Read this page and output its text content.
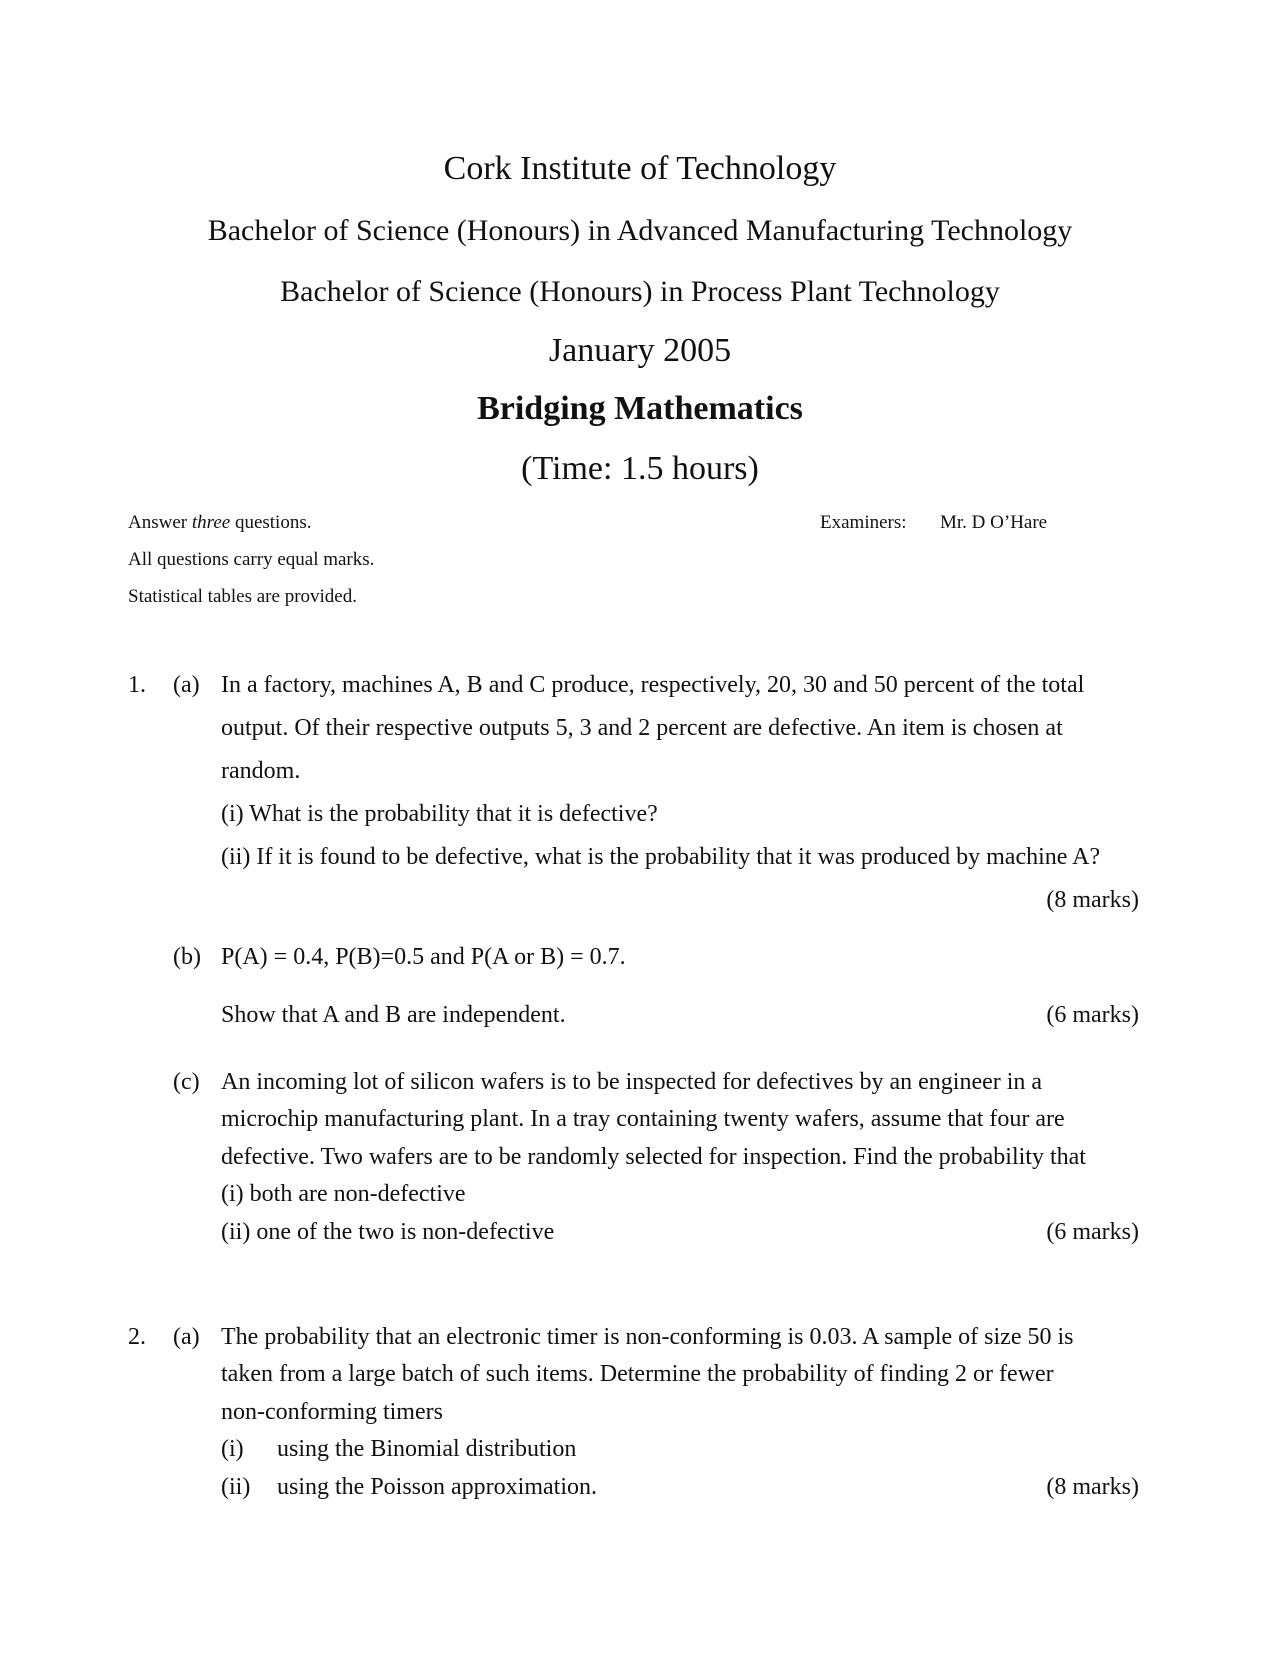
Cork Institute of Technology
Bachelor of Science (Honours) in Advanced Manufacturing Technology
Bachelor of Science (Honours) in Process Plant Technology
January 2005
Bridging Mathematics
(Time: 1.5 hours)
Answer three questions.
All questions carry equal marks.
Statistical tables are provided.
Examiners: Mr. D O’Hare
1. (a) In a factory, machines A, B and C produce, respectively, 20, 30 and 50 percent of the total
output. Of their respective outputs 5, 3 and 2 percent are defective. An item is chosen at
random.
(i) What is the probability that it is defective?
(ii) If it is found to be defective, what is the probability that it was produced by machine A?
(8 marks)
(b) P(A) = 0.4, P(B)=0.5 and P(A or B) = 0.7.
Show that A and B are independent.	(6 marks)
(c) An incoming lot of silicon wafers is to be inspected for defectives by an engineer in a
microchip manufacturing plant. In a tray containing twenty wafers, assume that four are
defective. Two wafers are to be randomly selected for inspection. Find the probability that
(i) both are non-defective
(ii) one of the two is non-defective	(6 marks)
2. (a) The probability that an electronic timer is non-conforming is 0.03. A sample of size 50 is
taken from a large batch of such items. Determine the probability of finding 2 or fewer
non-conforming timers
(i) using the Binomial distribution
(ii) using the Poisson approximation.	(8 marks)
